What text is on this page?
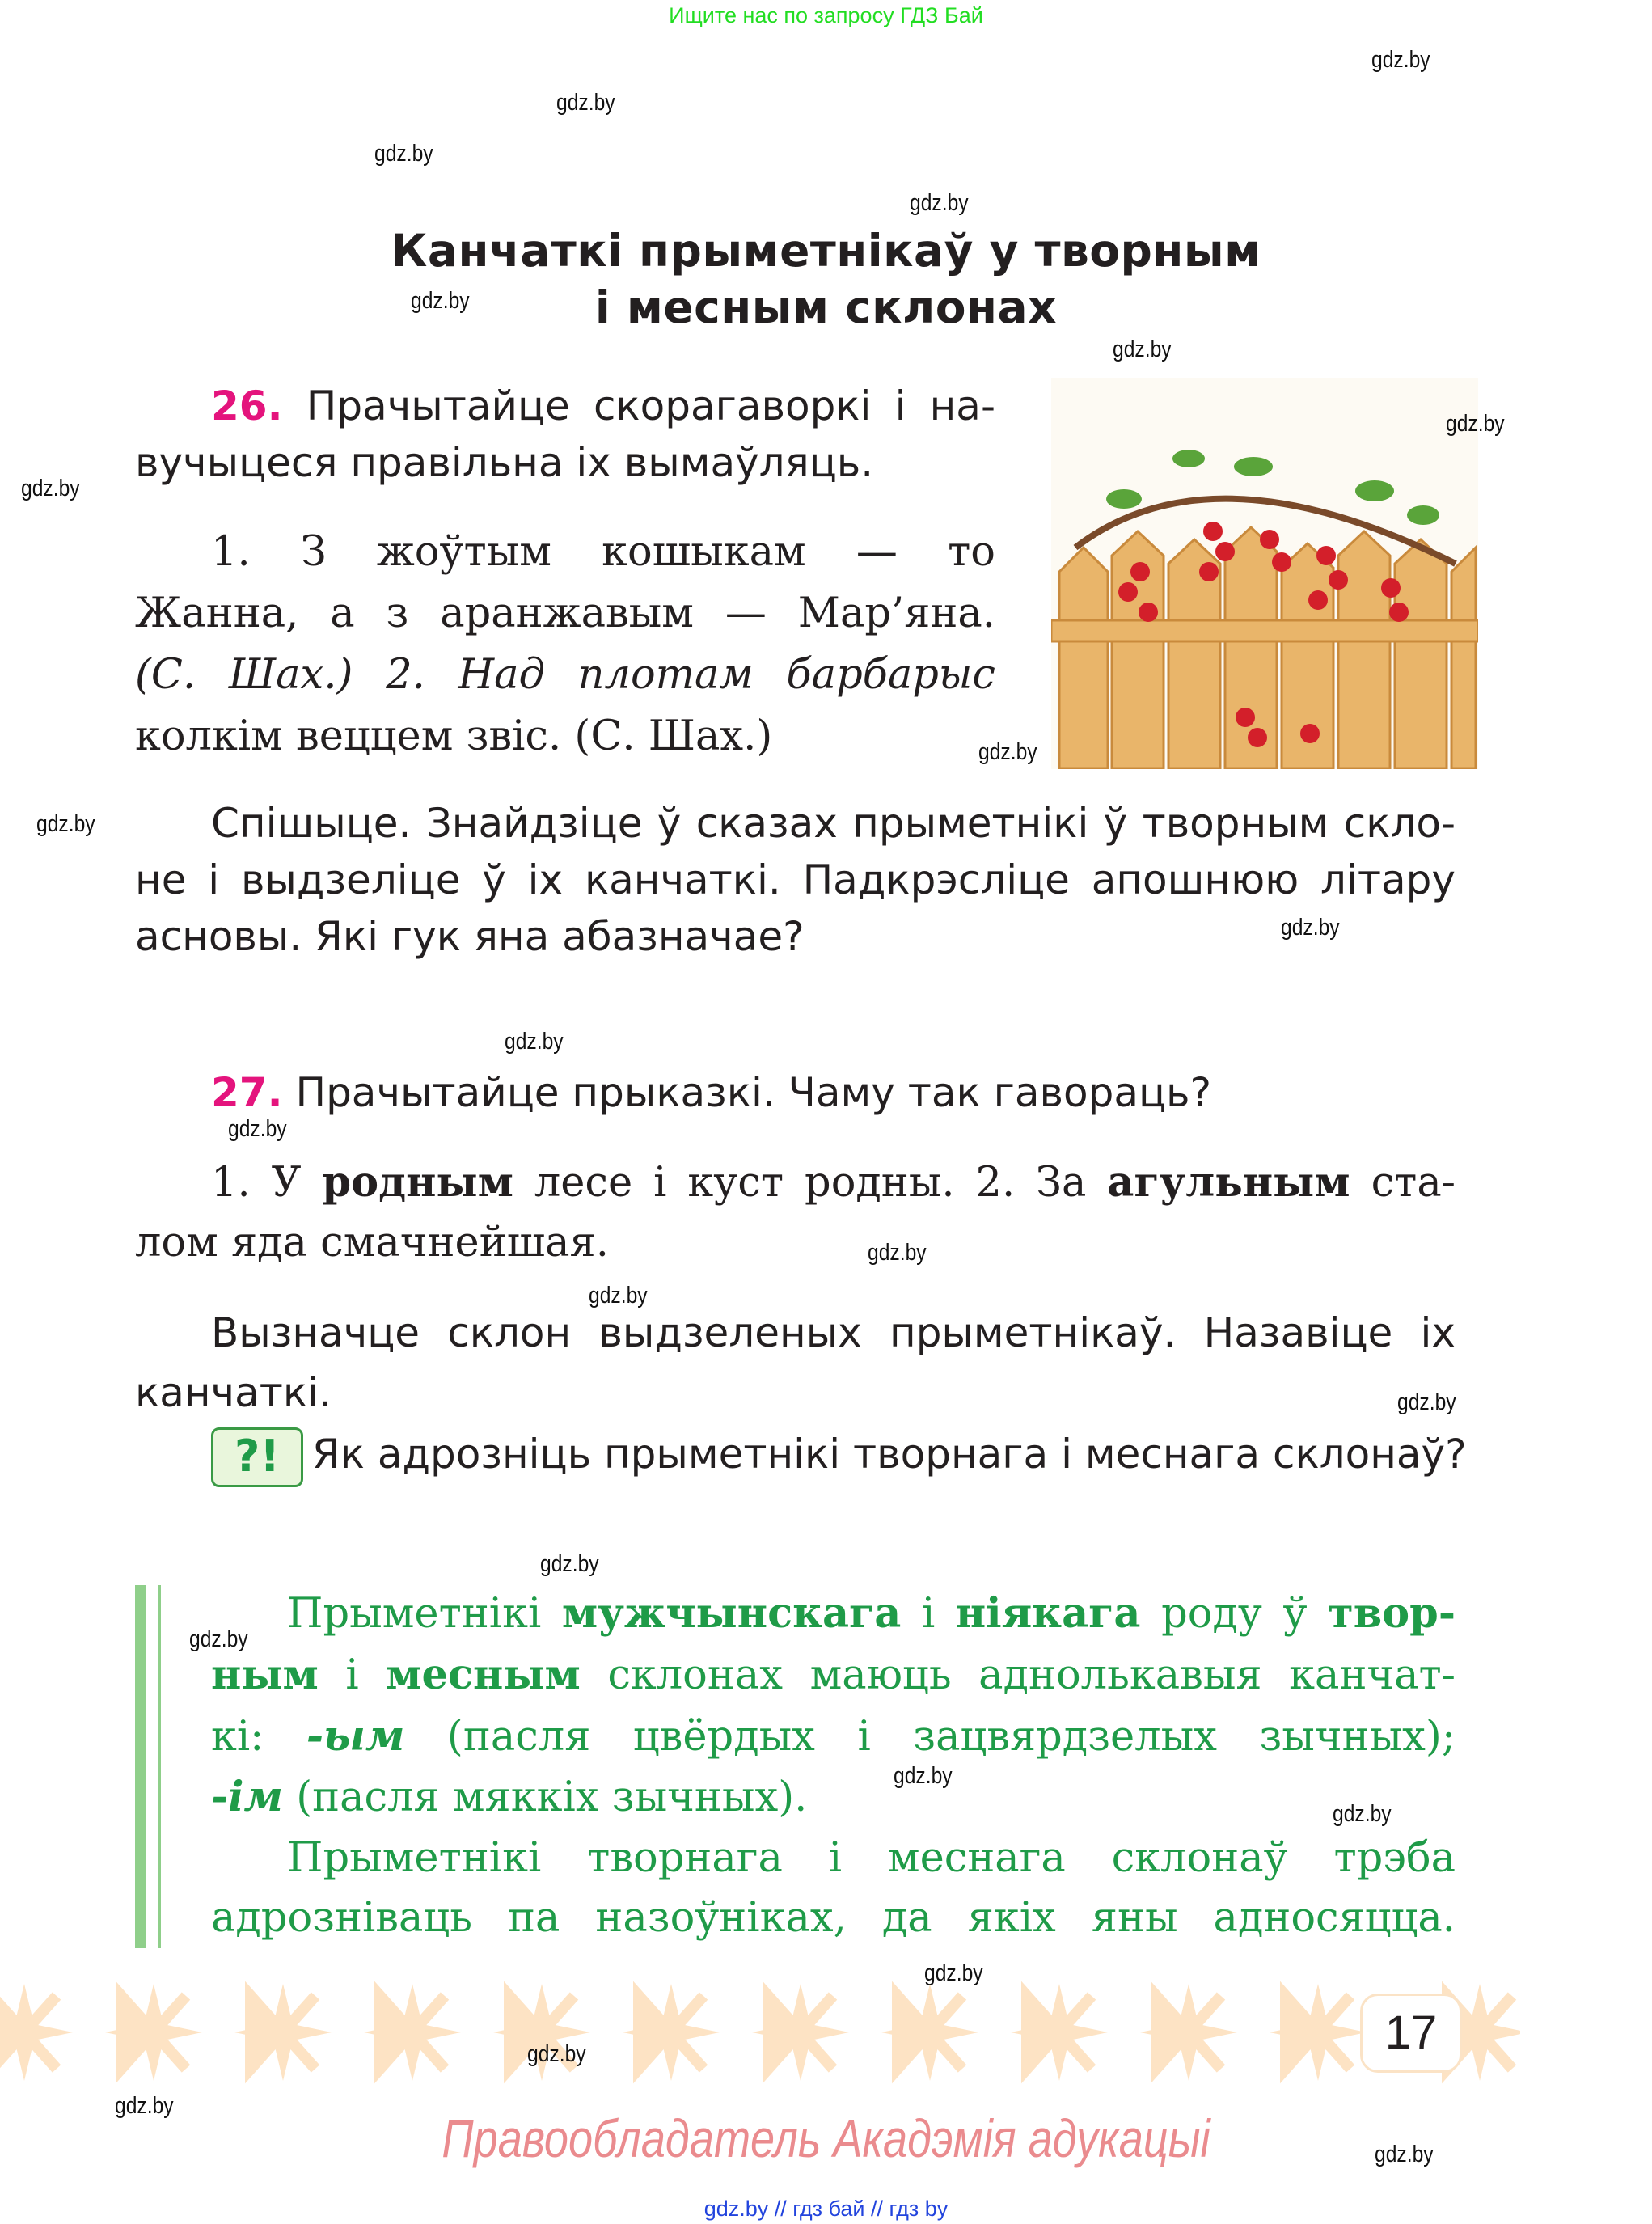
Ищите нас по запросу ГДЗ Бай
Канчаткі прыметнікаў у творным
і месным склонах
26. Прачытайце скорагаворкі і на-
вучыцеся правільна іх вымаўляць.
1. З жоўтым кошыкам — то
Жанна, а з аранжавым — Мар’яна.
(С. Шах.) 2. Над плотам барбарыс
колкім веццем звіс. (С. Шах.)
Спішыце. Знайдзіце ў сказах прыметнікі ў творным скло-
не і выдзеліце ў іх канчаткі. Падкрэсліце апошнюю літару
асновы. Які гук яна абазначае?
27. Прачытайце прыказкі. Чаму так гавораць?
1. У родным лесе і куст родны. 2. За агульным ста-
лом яда смачнейшая.
Вызначце склон выдзеленых прыметнікаў. Назавіце іх
канчаткі.
?! Як адрозніць прыметнікі творнага і меснага склонаў?
Прыметнікі мужчынскага і ніякага роду ў твор-
ным і месным склонах маюць аднолькавыя канчат-
кі: -ым (пасля цвёрдых і зацвярдзелых зычных);
-ім (пасля мяккіх зычных).
Прыметнікі творнага і меснага склонаў трэба
адрозніваць па назоўніках, да якіх яны адносяцца.
17
Правообладатель Акадэмія адукацыі
gdz.by // гдз бай // гдз by
gdz.by
gdz.by
gdz.by
gdz.by
gdz.by
gdz.by
gdz.by
gdz.by
gdz.by
gdz.by
gdz.by
gdz.by
gdz.by
gdz.by
gdz.by
gdz.by
gdz.by
gdz.by
gdz.by
gdz.by
gdz.by
gdz.by
gdz.by
gdz.by
